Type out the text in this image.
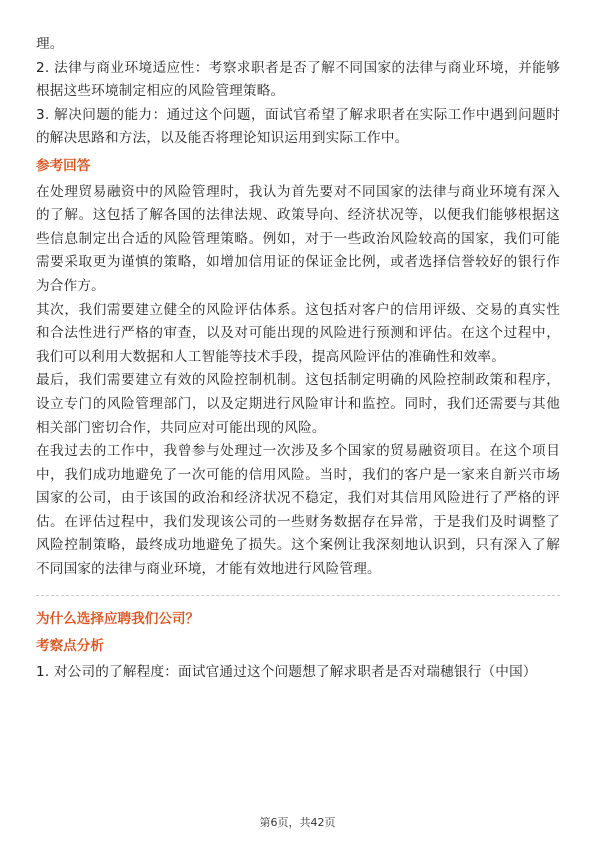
理。

2. 法律与商业环境适应性：考察求职者是否了解不同国家的法律与商业环境，并能够根据这些环境制定相应的风险管理策略。

3. 解决问题的能力：通过这个问题，面试官希望了解求职者在实际工作中遇到问题时的解决思路和方法，以及能否将理论知识运用到实际工作中。

参考回答

在处理贸易融资中的风险管理时，我认为首先要对不同国家的法律与商业环境有深入的了解。这包括了解各国的法律法规、政策导向、经济状况等，以便我们能够根据这些信息制定出合适的风险管理策略。例如，对于一些政治风险较高的国家，我们可能需要采取更为谨慎的策略，如增加信用证的保证金比例，或者选择信誉较好的银行作为合作方。

其次，我们需要建立健全的风险评估体系。这包括对客户的信用评级、交易的真实性和合法性进行严格的审查，以及对可能出现的风险进行预测和评估。在这个过程中，我们可以利用大数据和人工智能等技术手段，提高风险评估的准确性和效率。

最后，我们需要建立有效的风险控制机制。这包括制定明确的风险控制政策和程序，设立专门的风险管理部门，以及定期进行风险审计和监控。同时，我们还需要与其他相关部门密切合作，共同应对可能出现的风险。

在我过去的工作中，我曾参与处理过一次涉及多个国家的贸易融资项目。在这个项目中，我们成功地避免了一次可能的信用风险。当时，我们的客户是一家来自新兴市场国家的公司，由于该国的政治和经济状况不稳定，我们对其信用风险进行了严格的评估。在评估过程中，我们发现该公司的一些财务数据存在异常，于是我们及时调整了风险控制策略，最终成功地避免了损失。这个案例让我深刻地认识到，只有深入了解不同国家的法律与商业环境，才能有效地进行风险管理。

为什么选择应聘我们公司？
考察点分析

1. 对公司的了解程度：面试官通过这个问题想了解求职者是否对瑞穗银行（中国）

第6页，共42页
